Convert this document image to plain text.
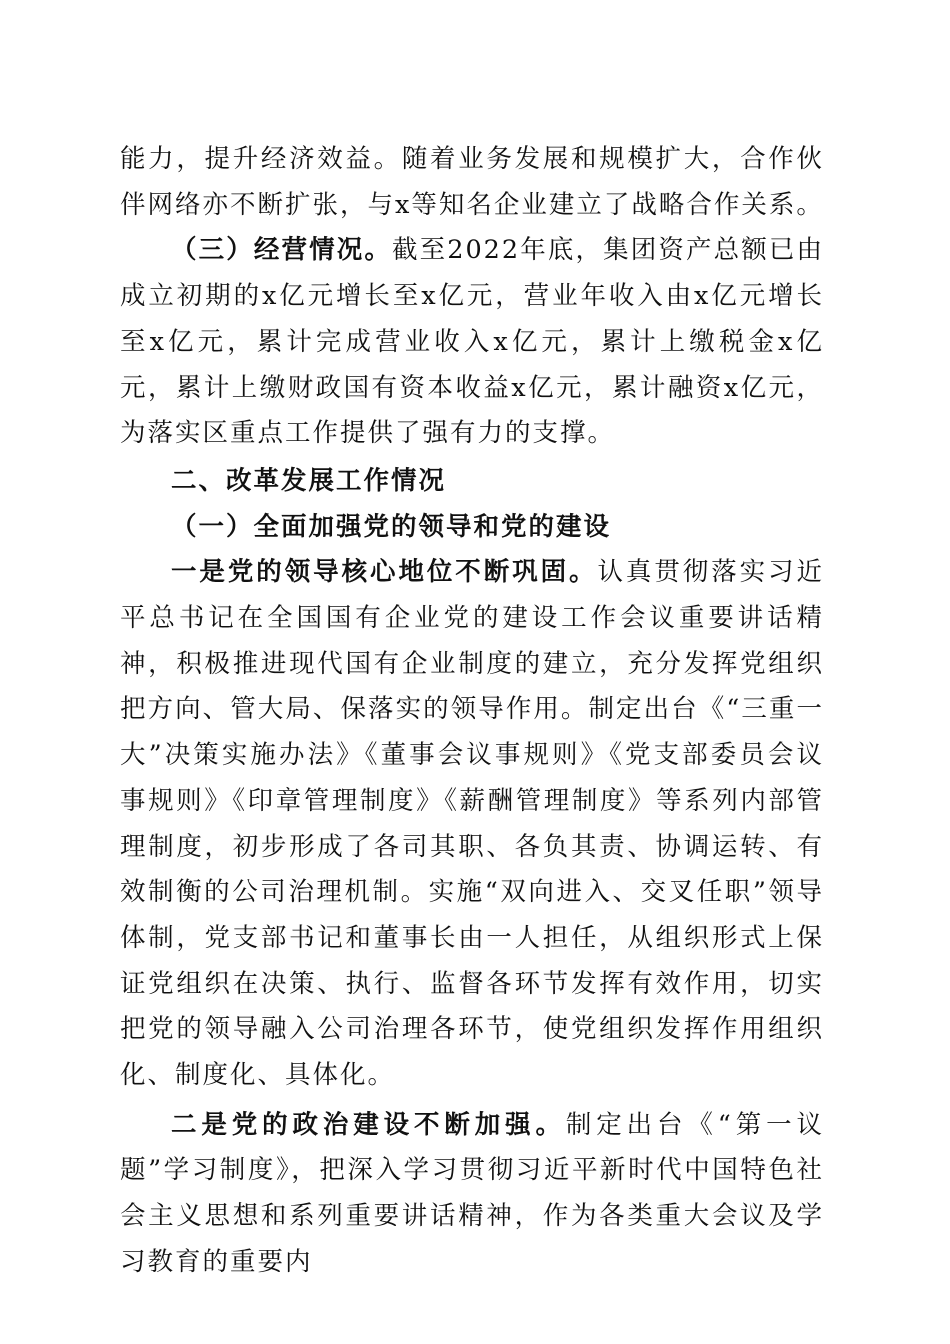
能力，提升经济效益。随着业务发展和规模扩大，合作伙伴网络亦不断扩张，与x等知名企业建立了战略合作关系。

（三）经营情况。截至2022年底，集团资产总额已由成立初期的x亿元增长至x亿元，营业年收入由x亿元增长至x亿元，累计完成营业收入x亿元，累计上缴税金x亿元，累计上缴财政国有资本收益x亿元，累计融资x亿元，为落实区重点工作提供了强有力的支撑。

二、改革发展工作情况

（一）全面加强党的领导和党的建设

一是党的领导核心地位不断巩固。认真贯彻落实习近平总书记在全国国有企业党的建设工作会议重要讲话精神，积极推进现代国有企业制度的建立，充分发挥党组织把方向、管大局、保落实的领导作用。制定出台《“三重一大”决策实施办法》《董事会议事规则》《党支部委员会议事规则》《印章管理制度》《薪酬管理制度》等系列内部管理制度，初步形成了各司其职、各负其责、协调运转、有效制衡的公司治理机制。实施“双向进入、交叉任职”领导体制，党支部书记和董事长由一人担任，从组织形式上保证党组织在决策、执行、监督各环节发挥有效作用，切实把党的领导融入公司治理各环节，使党组织发挥作用组织化、制度化、具体化。

二是党的政治建设不断加强。制定出台《“第一议题”学习制度》，把深入学习贯彻习近平新时代中国特色社会主义思想和系列重要讲话精神，作为各类重大会议及学习教育的重要内
